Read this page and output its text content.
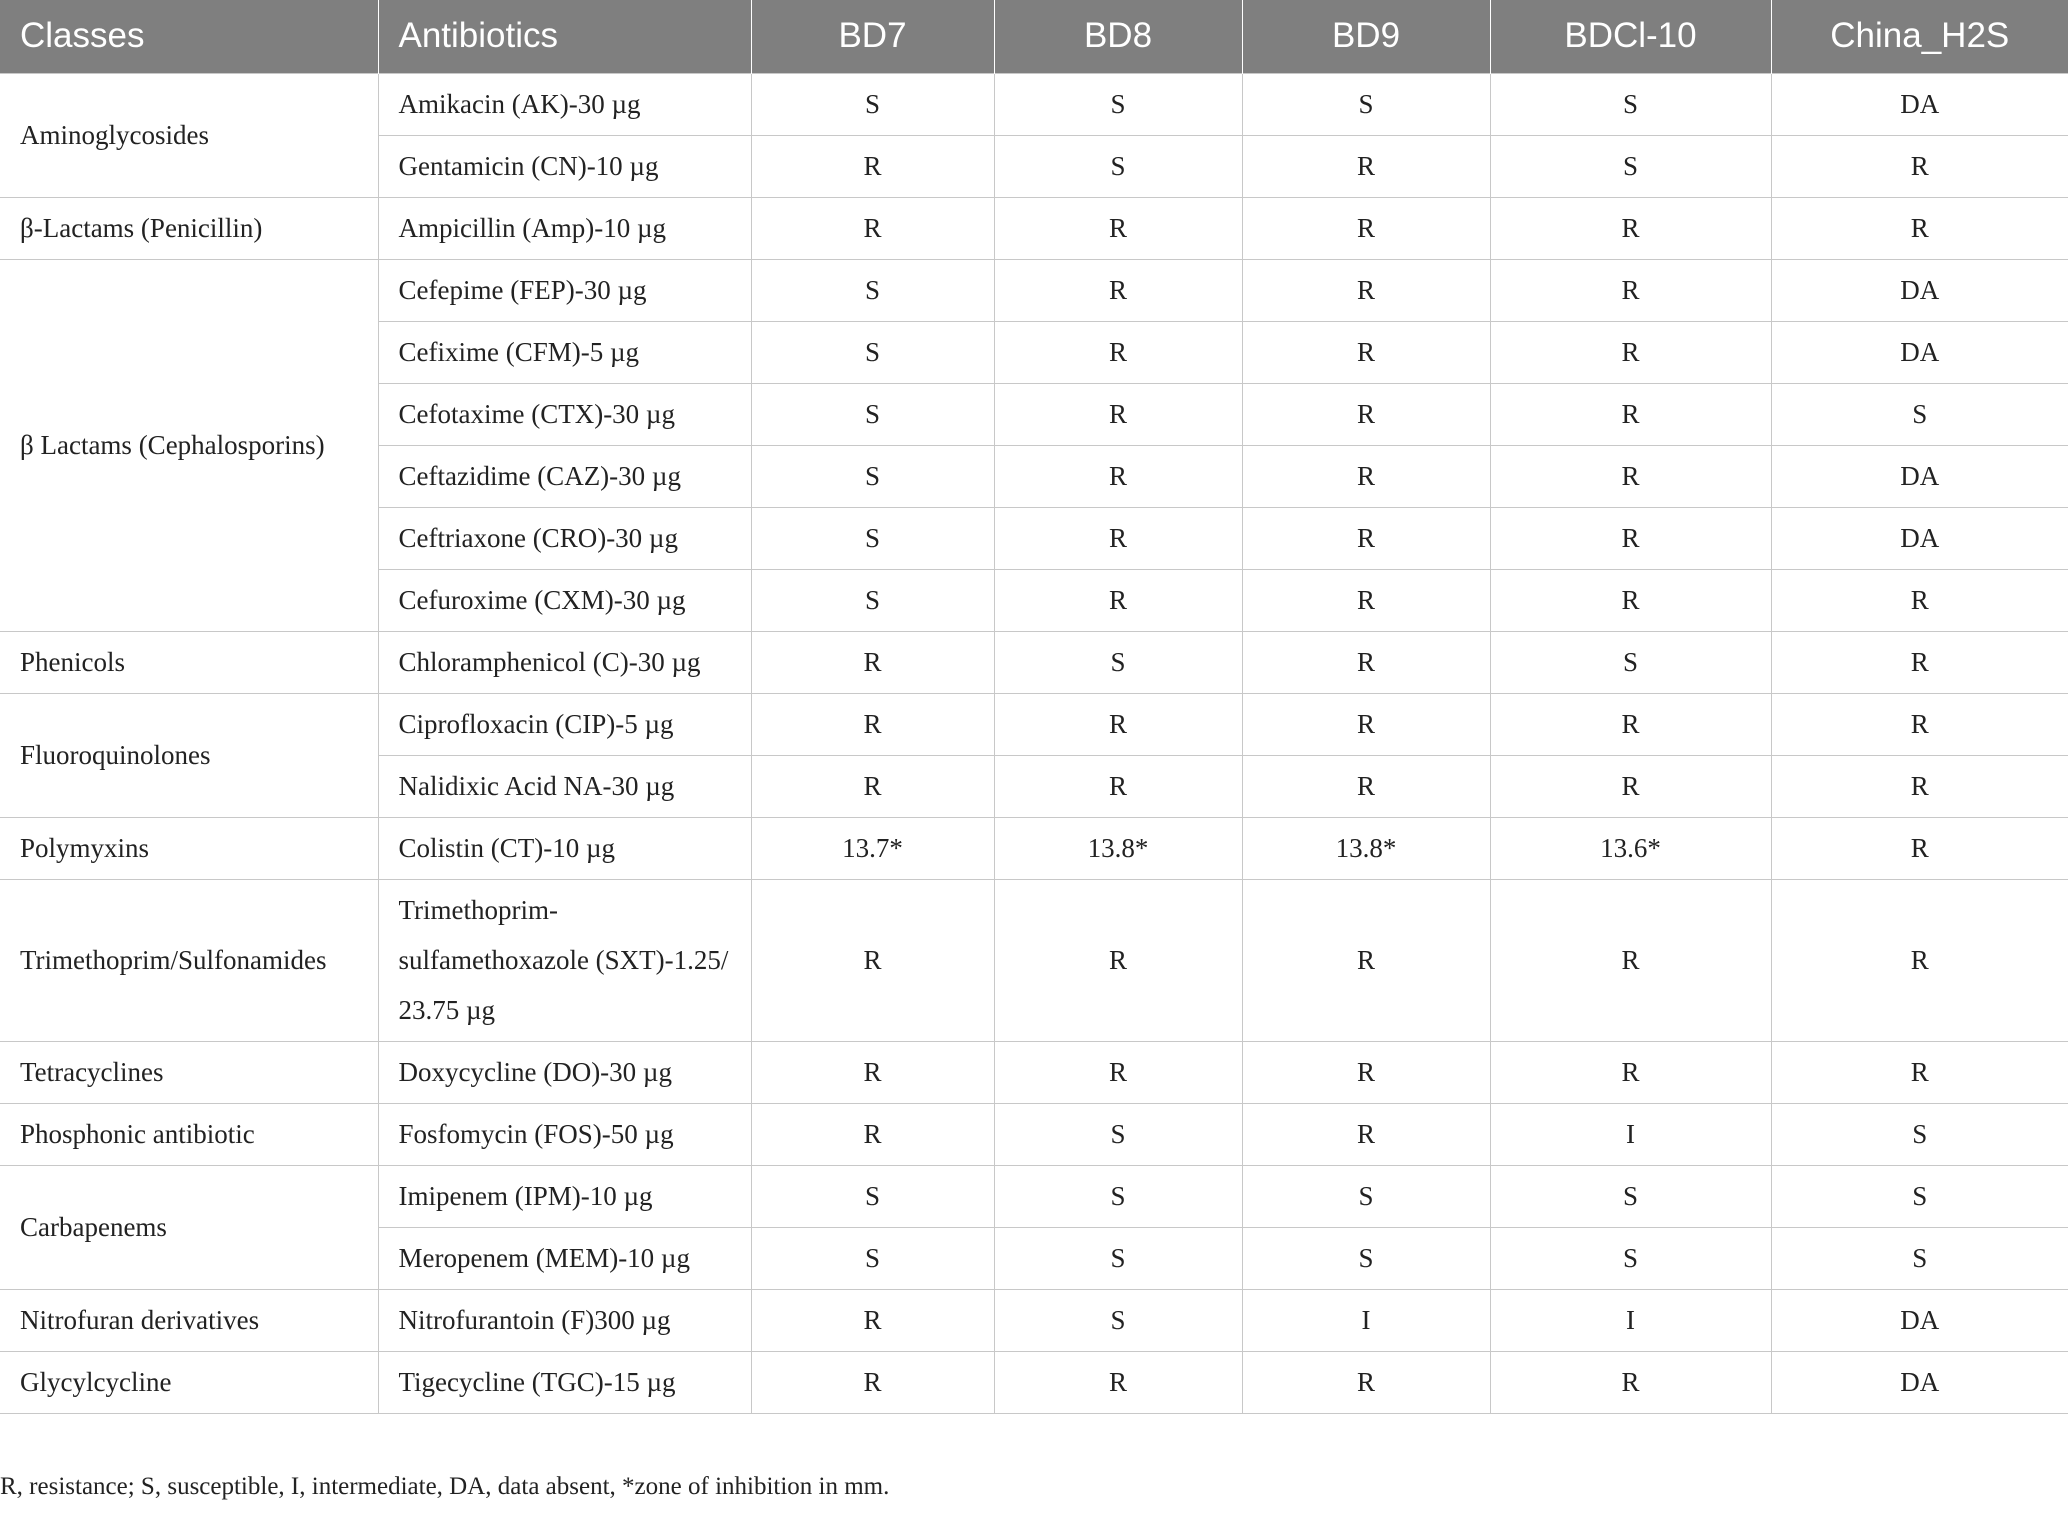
Classes	Antibiotics	BD7	BD8	BD9	BDCl-10	China_H2S
Aminoglycosides	Amikacin (AK)-30 µg	S	S	S	S	DA
	Gentamicin (CN)-10 µg	R	S	R	S	R
β-Lactams (Penicillin)	Ampicillin (Amp)-10 µg	R	R	R	R	R
β Lactams (Cephalosporins)	Cefepime (FEP)-30 µg	S	R	R	R	DA
	Cefixime (CFM)-5 µg	S	R	R	R	DA
	Cefotaxime (CTX)-30 µg	S	R	R	R	S
	Ceftazidime (CAZ)-30 µg	S	R	R	R	DA
	Ceftriaxone (CRO)-30 µg	S	R	R	R	DA
	Cefuroxime (CXM)-30 µg	S	R	R	R	R
Phenicols	Chloramphenicol (C)-30 µg	R	S	R	S	R
Fluoroquinolones	Ciprofloxacin (CIP)-5 µg	R	R	R	R	R
	Nalidixic Acid NA-30 µg	R	R	R	R	R
Polymyxins	Colistin (CT)-10 µg	13.7*	13.8*	13.8*	13.6*	R
Trimethoprim/Sulfonamides	Trimethoprim-sulfamethoxazole (SXT)-1.25/ 23.75 µg	R	R	R	R	R
Tetracyclines	Doxycycline (DO)-30 µg	R	R	R	R	R
Phosphonic antibiotic	Fosfomycin (FOS)-50 µg	R	S	R	I	S
Carbapenems	Imipenem (IPM)-10 µg	S	S	S	S	S
	Meropenem (MEM)-10 µg	S	S	S	S	S
Nitrofuran derivatives	Nitrofurantoin (F)300 µg	R	S	I	I	DA
Glycylcycline	Tigecycline (TGC)-15 µg	R	R	R	R	DA
R, resistance; S, susceptible, I, intermediate, DA, data absent, *zone of inhibition in mm.
